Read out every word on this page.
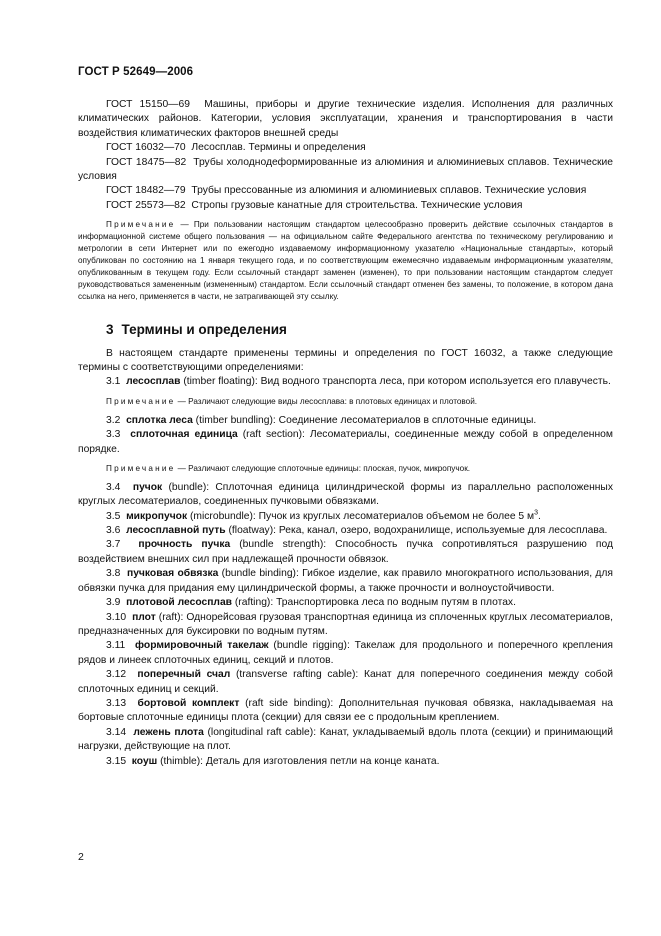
ГОСТ Р 52649—2006

ГОСТ 15150—69 Машины, приборы и другие технические изделия. Исполнения для различных климатических районов. Категории, условия эксплуатации, хранения и транспортирования в части воздействия климатических факторов внешней среды

ГОСТ 16032—70 Лесосплав. Термины и определения

ГОСТ 18475—82 Трубы холоднодеформированные из алюминия и алюминиевых сплавов. Технические условия

ГОСТ 18482—79 Трубы прессованные из алюминия и алюминиевых сплавов. Технические условия

ГОСТ 25573—82 Стропы грузовые канатные для строительства. Технические условия

Примечание — При пользовании настоящим стандартом целесообразно проверить действие ссылочных стандартов в информационной системе общего пользования — на официальном сайте Федерального агентства по техническому регулированию и метрологии в сети Интернет или по ежегодно издаваемому информационному указателю «Национальные стандарты», который опубликован по состоянию на 1 января текущего года, и по соответствующим ежемесячно издаваемым информационным указателям, опубликованным в текущем году. Если ссылочный стандарт заменен (изменен), то при пользовании настоящим стандартом следует руководствоваться замененным (измененным) стандартом. Если ссылочный стандарт отменен без замены, то положение, в котором дана ссылка на него, применяется в части, не затрагивающей эту ссылку.

3 Термины и определения

В настоящем стандарте применены термины и определения по ГОСТ 16032, а также следующие термины с соответствующими определениями:

3.1 лесосплав (timber floating): Вид водного транспорта леса, при котором используется его плавучесть.

Примечание — Различают следующие виды лесосплава: в плотовых единицах и плотовой.

3.2 сплотка леса (timber bundling): Соединение лесоматериалов в сплоточные единицы.

3.3 сплоточная единица (raft section): Лесоматериалы, соединенные между собой в определенном порядке.

Примечание — Различают следующие сплоточные единицы: плоская, пучок, микропучок.

3.4 пучок (bundle): Сплоточная единица цилиндрической формы из параллельно расположенных круглых лесоматериалов, соединенных пучковыми обвязками.

3.5 микропучок (microbundle): Пучок из круглых лесоматериалов объемом не более 5 $м^3$.

3.6 лесосплавной путь (floatway): Река, канал, озеро, водохранилище, используемые для лесосплава.

3.7 прочность пучка (bundle strength): Способность пучка сопротивляться разрушению под воздействием внешних сил при надлежащей прочности обвязок.

3.8 пучковая обвязка (bundle binding): Гибкое изделие, как правило многократного использования, для обвязки пучка для придания ему цилиндрической формы, а также прочности и волноустойчивости.

3.9 плотовой лесосплав (rafting): Транспортировка леса по водным путям в плотах.

3.10 плот (raft): Однорейсовая грузовая транспортная единица из сплоченных круглых лесоматериалов, предназначенных для буксировки по водным путям.

3.11 формировочный такелаж (bundle rigging): Такелаж для продольного и поперечного крепления рядов и линеек сплоточных единиц, секций и плотов.

3.12 поперечный счал (transverse rafting cable): Канат для поперечного соединения между собой сплоточных единиц и секций.

3.13 бортовой комплект (raft side binding): Дополнительная пучковая обвязка, накладываемая на бортовые сплоточные единицы плота (секции) для связи ее с продольным креплением.

3.14 лежень плота (longitudinal raft cable): Канат, укладываемый вдоль плота (секции) и принимающий нагрузки, действующие на плот.

3.15 коуш (thimble): Деталь для изготовления петли на конце каната.

2
